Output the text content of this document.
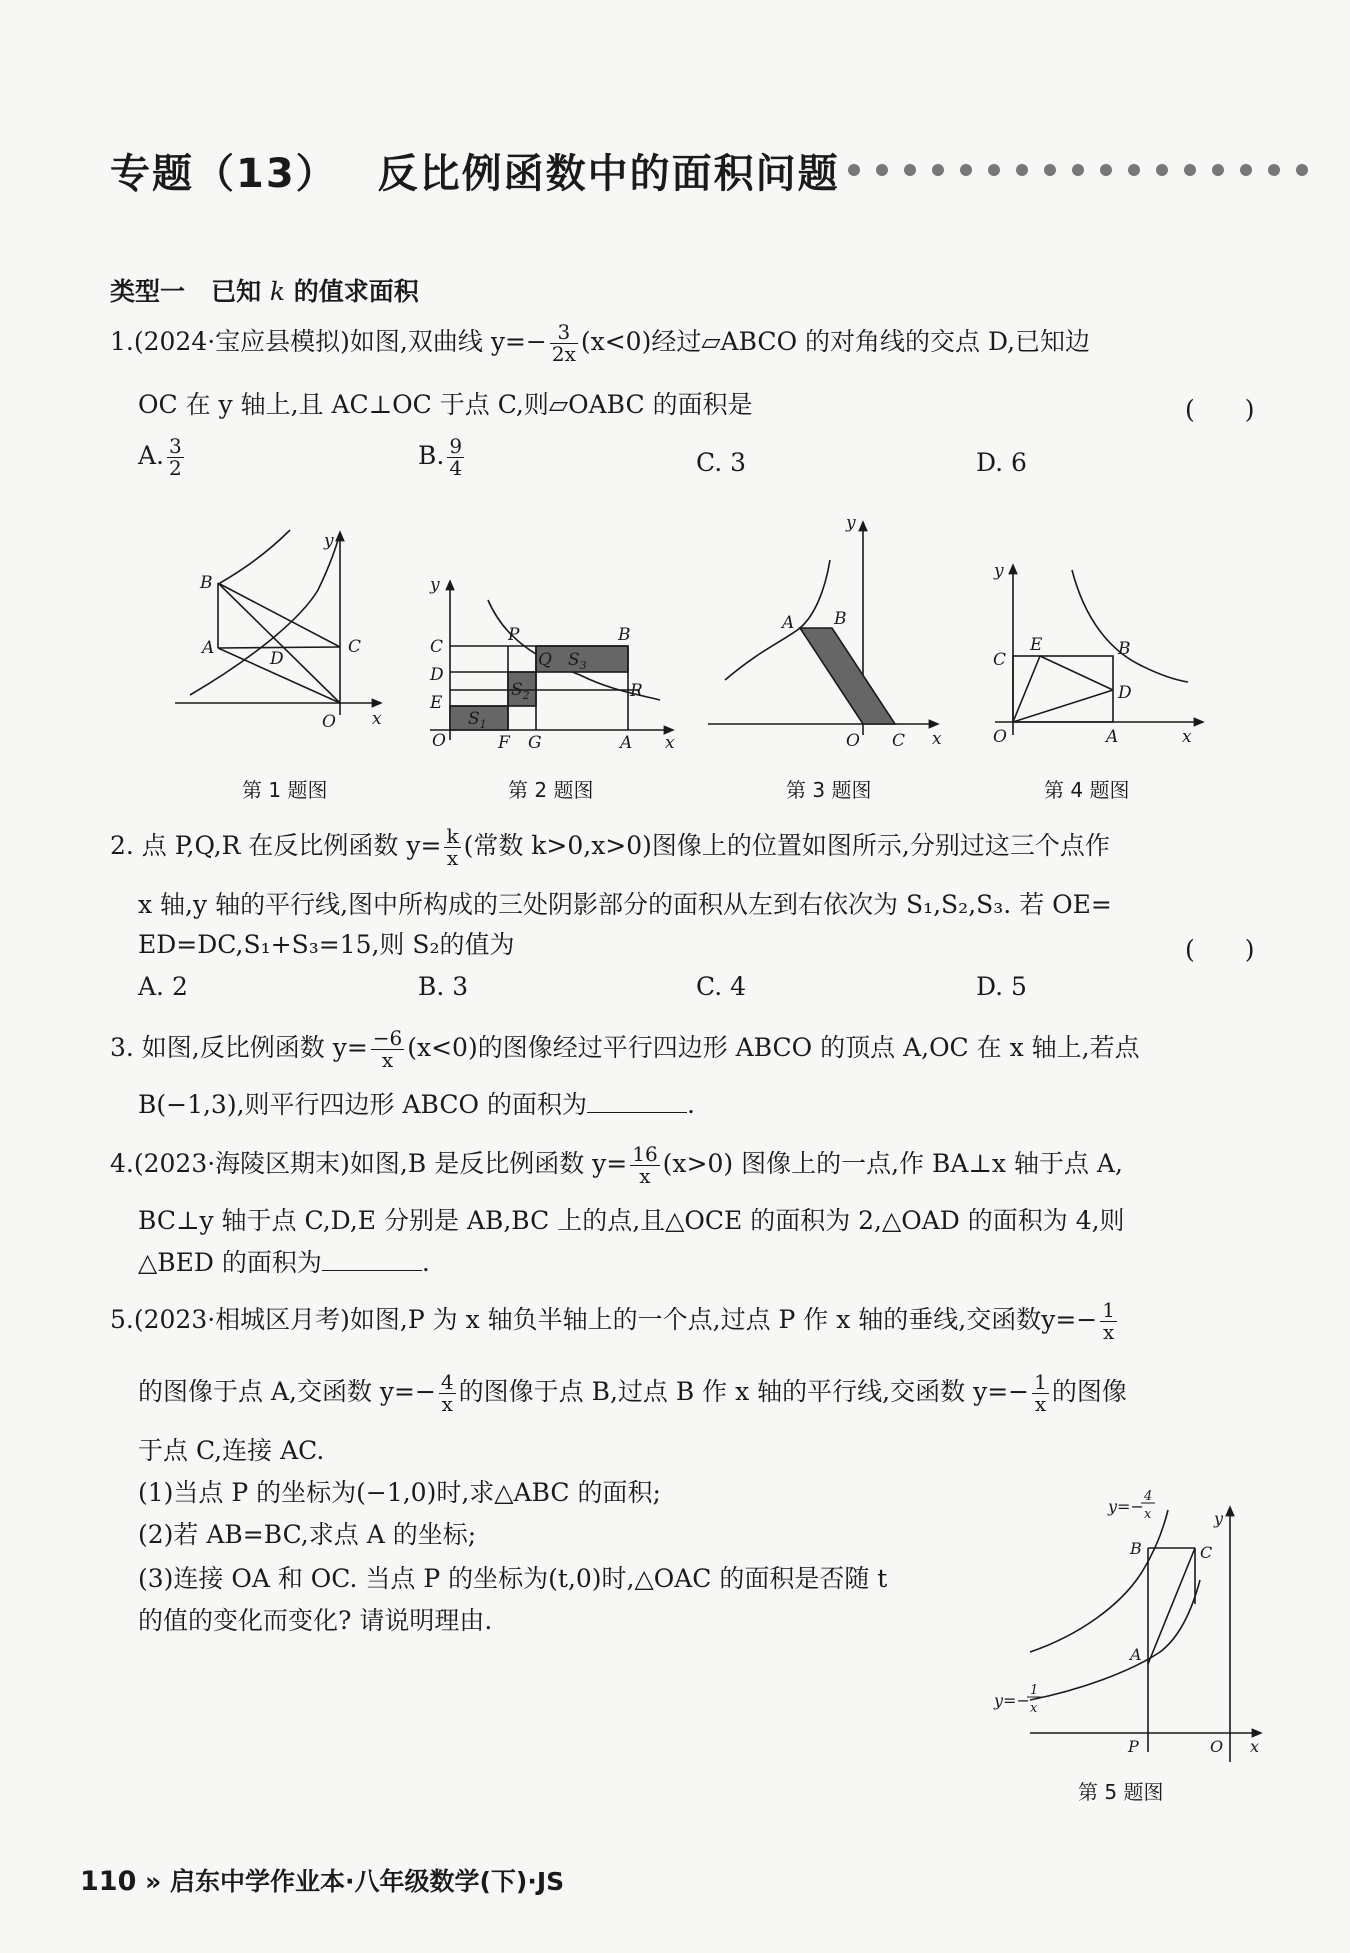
专题（13） 反比例函数中的面积问题
类型一 已知 k 的值求面积
1.(2024·宝应县模拟)如图,双曲线 $y=- \frac{3}{2x} (x<0)$经过▱ABCO 的对角线的交点 D,已知边
OC 在 y 轴上,且 AC⊥OC 于点 C,则▱OABC 的面积是	(　　)
A. $\frac{3}{2}$	B. $\frac{9}{4}$	C. 3	D. 6
y
x
O
B
A	C
D
y
x
O
C
D
E
P	B
Q $S_3$
$S_2$
$S_1$
R
F G	A
y
x
O
A B
C
y
x
O
C
E	B
D
A
第 1 题图	第 2 题图	第 3 题图	第 4 题图
2. 点 P,Q,R 在反比例函数 $y= \frac{k}{x}$ (常数 k>0,x>0)图像上的位置如图所示,分别过这三个点作
x 轴,y 轴的平行线,图中所构成的三处阴影部分的面积从左到右依次为 S₁,S₂,S₃. 若 OE=
ED=DC,S₁+S₃=15,则 S₂的值为	(　　)
A. 2	B. 3	C. 4	D. 5
3. 如图,反比例函数 $y= \frac{-6}{x} (x<0)$的图像经过平行四边形 ABCO 的顶点 A,OC 在 x 轴上,若点
B(−1,3),则平行四边形 ABCO 的面积为	.
4.(2023·海陵区期末)如图,B 是反比例函数 $y= \frac{16}{x} (x>0)$ 图像上的一点,作 BA⊥x 轴于点 A,
BC⊥y 轴于点 C,D,E 分别是 AB,BC 上的点,且△OCE 的面积为 2,△OAD 的面积为 4,则
△BED 的面积为	.
5.(2023·相城区月考)如图,P 为 x 轴负半轴上的一个点,过点 P 作 x 轴的垂线,交函数$y=- \frac{1}{x}$
的图像于点 A,交函数 $y=- \frac{4}{x}$ 的图像于点 B,过点 B 作 x 轴的平行线,交函数 $y=- \frac{1}{x}$ 的图像
于点 C,连接 AC.
(1)当点 P 的坐标为(−1,0)时,求△ABC 的面积;
(2)若 AB=BC,求点 A 的坐标;
(3)连接 OA 和 OC. 当点 P 的坐标为(t,0)时,△OAC 的面积是否随 t
的值的变化而变化? 请说明理由.
y=−
4
x
y=−
1
x
y
x
O
P
A
B	C
第 5 题图
110 » 启东中学作业本·八年级数学(下)·JS
